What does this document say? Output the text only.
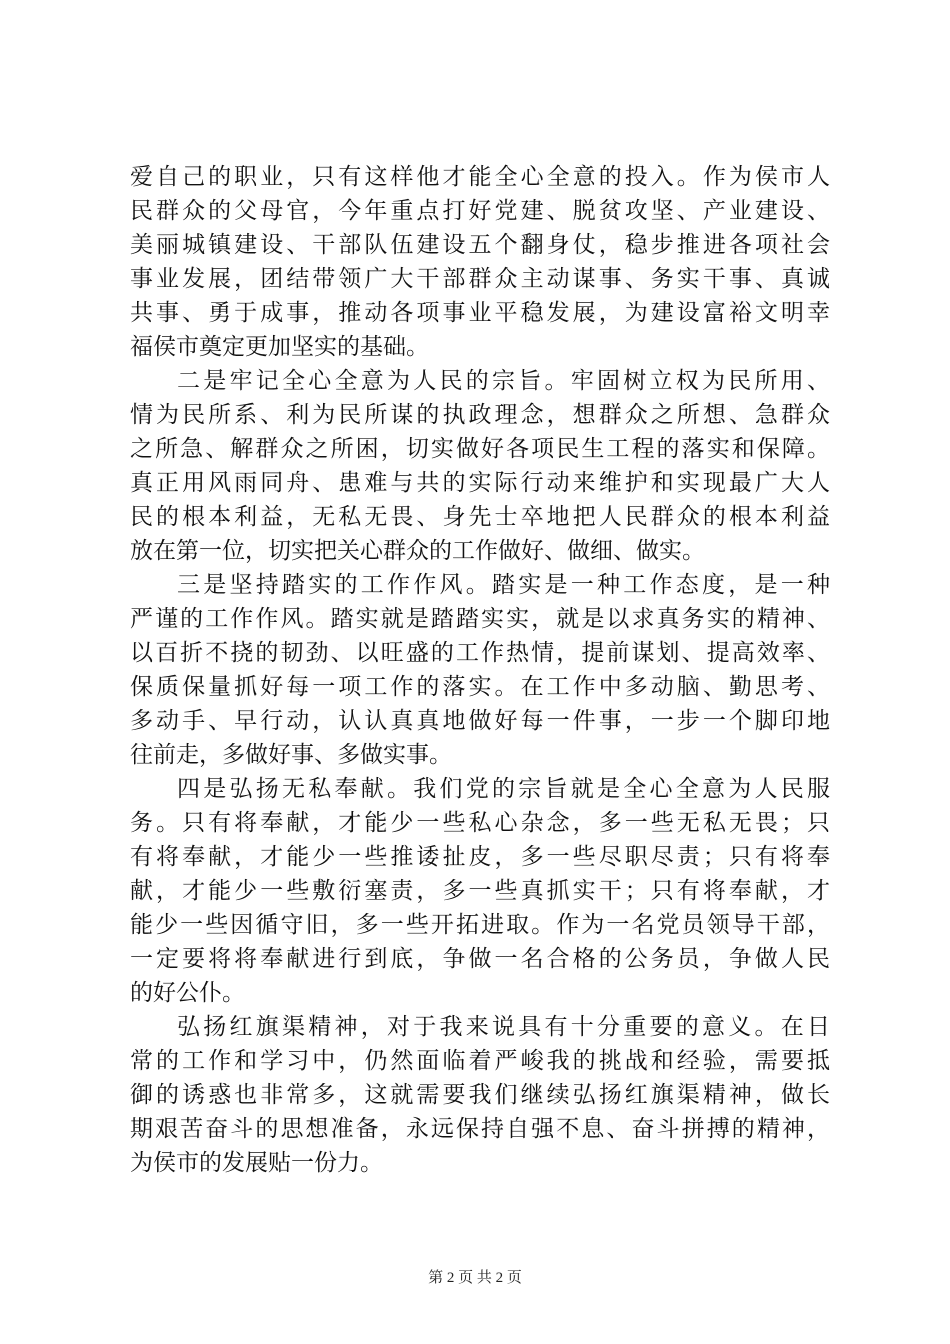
爱自己的职业，只有这样他才能全心全意的投入。作为侯市人
民群众的父母官，今年重点打好党建、脱贫攻坚、产业建设、
美丽城镇建设、干部队伍建设五个翻身仗，稳步推进各项社会
事业发展，团结带领广大干部群众主动谋事、务实干事、真诚
共事、勇于成事，推动各项事业平稳发展，为建设富裕文明幸
福侯市奠定更加坚实的基础。
二是牢记全心全意为人民的宗旨。牢固树立权为民所用、
情为民所系、利为民所谋的执政理念，想群众之所想、急群众
之所急、解群众之所困，切实做好各项民生工程的落实和保障。
真正用风雨同舟、患难与共的实际行动来维护和实现最广大人
民的根本利益，无私无畏、身先士卒地把人民群众的根本利益
放在第一位，切实把关心群众的工作做好、做细、做实。
三是坚持踏实的工作作风。踏实是一种工作态度，是一种
严谨的工作作风。踏实就是踏踏实实，就是以求真务实的精神、
以百折不挠的韧劲、以旺盛的工作热情，提前谋划、提高效率、
保质保量抓好每一项工作的落实。在工作中多动脑、勤思考、
多动手、早行动，认认真真地做好每一件事，一步一个脚印地
往前走，多做好事、多做实事。
四是弘扬无私奉献。我们党的宗旨就是全心全意为人民服
务。只有将奉献，才能少一些私心杂念，多一些无私无畏；只
有将奉献，才能少一些推诿扯皮，多一些尽职尽责；只有将奉
献，才能少一些敷衍塞责，多一些真抓实干；只有将奉献，才
能少一些因循守旧，多一些开拓进取。作为一名党员领导干部，
一定要将将奉献进行到底，争做一名合格的公务员，争做人民
的好公仆。
弘扬红旗渠精神，对于我来说具有十分重要的意义。在日
常的工作和学习中，仍然面临着严峻我的挑战和经验，需要抵
御的诱惑也非常多，这就需要我们继续弘扬红旗渠精神，做长
期艰苦奋斗的思想准备，永远保持自强不息、奋斗拼搏的精神，
为侯市的发展贴一份力。
第 2 页 共 2 页
